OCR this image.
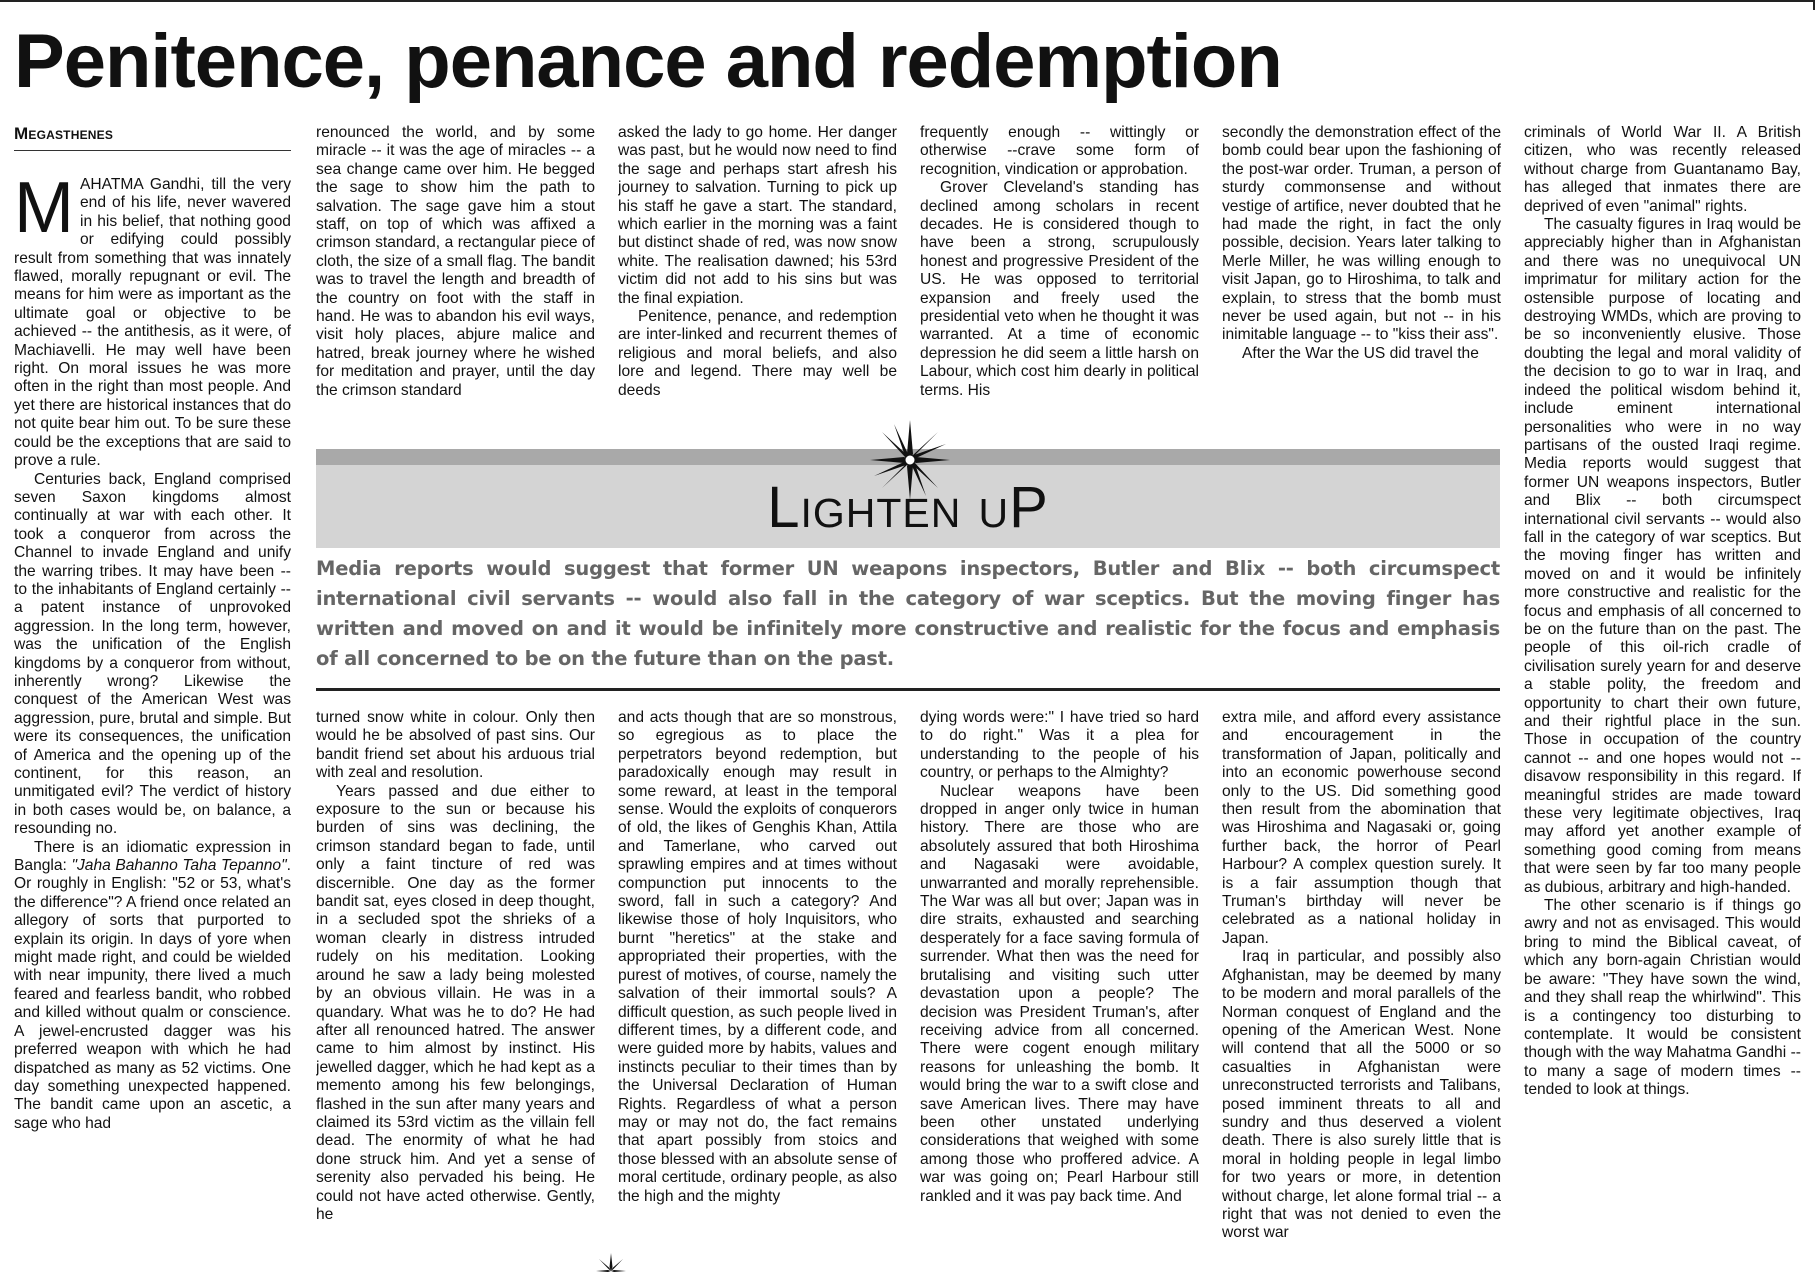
Penitence, penance and redemption
Megasthenes

MAHATMA Gandhi, till the very end of his life, never wavered in his belief, that nothing good or edifying could possibly result from something that was innately flawed, morally repugnant or evil. The means for him were as important as the ultimate goal or objective to be achieved -- the antithesis, as it were, of Machiavelli. He may well have been right. On moral issues he was more often in the right than most people. And yet there are historical instances that do not quite bear him out. To be sure these could be the exceptions that are said to prove a rule.

Centuries back, England comprised seven Saxon kingdoms almost continually at war with each other. It took a conqueror from across the Channel to invade England and unify the warring tribes. It may have been -- to the inhabitants of England certainly -- a patent instance of unprovoked aggression. In the long term, however, was the unification of the English kingdoms by a conqueror from without, inherently wrong? Likewise the conquest of the American West was aggression, pure, brutal and simple. But were its consequences, the unification of America and the opening up of the continent, for this reason, an unmitigated evil? The verdict of history in both cases would be, on balance, a resounding no.

There is an idiomatic expression in Bangla: "Jaha Bahanno Taha Tepanno". Or roughly in English: "52 or 53, what's the difference"? A friend once related an allegory of sorts that purported to explain its origin. In days of yore when might made right, and could be wielded with near impunity, there lived a much feared and fearless bandit, who robbed and killed without qualm or conscience. A jewel-encrusted dagger was his preferred weapon with which he had dispatched as many as 52 victims. One day something unexpected happened. The bandit came upon an ascetic, a sage who had

renounced the world, and by some miracle -- it was the age of miracles -- a sea change came over him. He begged the sage to show him the path to salvation. The sage gave him a stout staff, on top of which was affixed a crimson standard, a rectangular piece of cloth, the size of a small flag. The bandit was to travel the length and breadth of the country on foot with the staff in hand. He was to abandon his evil ways, visit holy places, abjure malice and hatred, break journey where he wished for meditation and prayer, until the day the crimson standard

asked the lady to go home. Her danger was past, but he would now need to find the sage and perhaps start afresh his journey to salvation. Turning to pick up his staff he gave a start. The standard, which earlier in the morning was a faint but distinct shade of red, was now snow white. The realisation dawned; his 53rd victim did not add to his sins but was the final expiation.

Penitence, penance, and redemption are inter-linked and recurrent themes of religious and moral beliefs, and also lore and legend. There may well be deeds

frequently enough -- wittingly or otherwise --crave some form of recognition, vindication or approbation.

Grover Cleveland's standing has declined among scholars in recent decades. He is considered though to have been a strong, scrupulously honest and progressive President of the US. He was opposed to territorial expansion and freely used the presidential veto when he thought it was warranted. At a time of economic depression he did seem a little harsh on Labour, which cost him dearly in political terms. His

secondly the demonstration effect of the bomb could bear upon the fashioning of the post-war order. Truman, a person of sturdy commonsense and without vestige of artifice, never doubted that he had made the right, in fact the only possible, decision. Years later talking to Merle Miller, he was willing enough to visit Japan, go to Hiroshima, to talk and explain, to stress that the bomb must never be used again, but not -- in his inimitable language -- to "kiss their ass".

After the War the US did travel the

Lighten uP
Media reports would suggest that former UN weapons inspectors, Butler and Blix -- both circumspect international civil servants -- would also fall in the category of war sceptics. But the moving finger has written and moved on and it would be infinitely more constructive and realistic for the focus and emphasis of all concerned to be on the future than on the past.

turned snow white in colour. Only then would he be absolved of past sins. Our bandit friend set about his arduous trial with zeal and resolution.

Years passed and due either to exposure to the sun or because his burden of sins was declining, the crimson standard began to fade, until only a faint tincture of red was discernible. One day as the former bandit sat, eyes closed in deep thought, in a secluded spot the shrieks of a woman clearly in distress intruded rudely on his meditation. Looking around he saw a lady being molested by an obvious villain. He was in a quandary. What was he to do? He had after all renounced hatred. The answer came to him almost by instinct. His jewelled dagger, which he had kept as a memento among his few belongings, flashed in the sun after many years and claimed its 53rd victim as the villain fell dead. The enormity of what he had done struck him. And yet a sense of serenity also pervaded his being. He could not have acted otherwise. Gently, he

and acts though that are so monstrous, so egregious as to place the perpetrators beyond redemption, but paradoxically enough may result in some reward, at least in the temporal sense. Would the exploits of conquerors of old, the likes of Genghis Khan, Attila and Tamerlane, who carved out sprawling empires and at times without compunction put innocents to the sword, fall in such a category? And likewise those of holy Inquisitors, who burnt "heretics" at the stake and appropriated their properties, with the purest of motives, of course, namely the salvation of their immortal souls? A difficult question, as such people lived in different times, by a different code, and were guided more by habits, values and instincts peculiar to their times than by the Universal Declaration of Human Rights. Regardless of what a person may or may not do, the fact remains that apart possibly from stoics and those blessed with an absolute sense of moral certitude, ordinary people, as also the high and the mighty

dying words were:" I have tried so hard to do right." Was it a plea for understanding to the people of his country, or perhaps to the Almighty?

Nuclear weapons have been dropped in anger only twice in human history. There are those who are absolutely assured that both Hiroshima and Nagasaki were avoidable, unwarranted and morally reprehensible. The War was all but over; Japan was in dire straits, exhausted and searching desperately for a face saving formula of surrender. What then was the need for brutalising and visiting such utter devastation upon a people? The decision was President Truman's, after receiving advice from all concerned. There were cogent enough military reasons for unleashing the bomb. It would bring the war to a swift close and save American lives. There may have been other unstated underlying considerations that weighed with some among those who proffered advice. A war was going on; Pearl Harbour still rankled and it was pay back time. And

extra mile, and afford every assistance and encouragement in the transformation of Japan, politically and into an economic powerhouse second only to the US. Did something good then result from the abomination that was Hiroshima and Nagasaki or, going further back, the horror of Pearl Harbour? A complex question surely. It is a fair assumption though that Truman's birthday will never be celebrated as a national holiday in Japan.

Iraq in particular, and possibly also Afghanistan, may be deemed by many to be modern and moral parallels of the Norman conquest of England and the opening of the American West. None will contend that all the 5000 or so casualties in Afghanistan were unreconstructed terrorists and Talibans, posed imminent threats to all and sundry and thus deserved a violent death. There is also surely little that is moral in holding people in legal limbo for two years or more, in detention without charge, let alone formal trial -- a right that was not denied to even the worst war

criminals of World War II. A British citizen, who was recently released without charge from Guantanamo Bay, has alleged that inmates there are deprived of even "animal" rights.

The casualty figures in Iraq would be appreciably higher than in Afghanistan and there was no unequivocal UN imprimatur for military action for the ostensible purpose of locating and destroying WMDs, which are proving to be so inconveniently elusive. Those doubting the legal and moral validity of the decision to go to war in Iraq, and indeed the political wisdom behind it, include eminent international personalities who were in no way partisans of the ousted Iraqi regime. Media reports would suggest that former UN weapons inspectors, Butler and Blix -- both circumspect international civil servants -- would also fall in the category of war sceptics. But the moving finger has written and moved on and it would be infinitely more constructive and realistic for the focus and emphasis of all concerned to be on the future than on the past. The people of this oil-rich cradle of civilisation surely yearn for and deserve a stable polity, the freedom and opportunity to chart their own future, and their rightful place in the sun. Those in occupation of the country cannot -- and one hopes would not -- disavow responsibility in this regard. If meaningful strides are made toward these very legitimate objectives, Iraq may afford yet another example of something good coming from means that were seen by far too many people as dubious, arbitrary and high-handed.

The other scenario is if things go awry and not as envisaged. This would bring to mind the Biblical caveat, of which any born-again Christian would be aware: "They have sown the wind, and they shall reap the whirlwind". This is a contingency too disturbing to contemplate. It would be consistent though with the way Mahatma Gandhi -- to many a sage of modern times -- tended to look at things.
